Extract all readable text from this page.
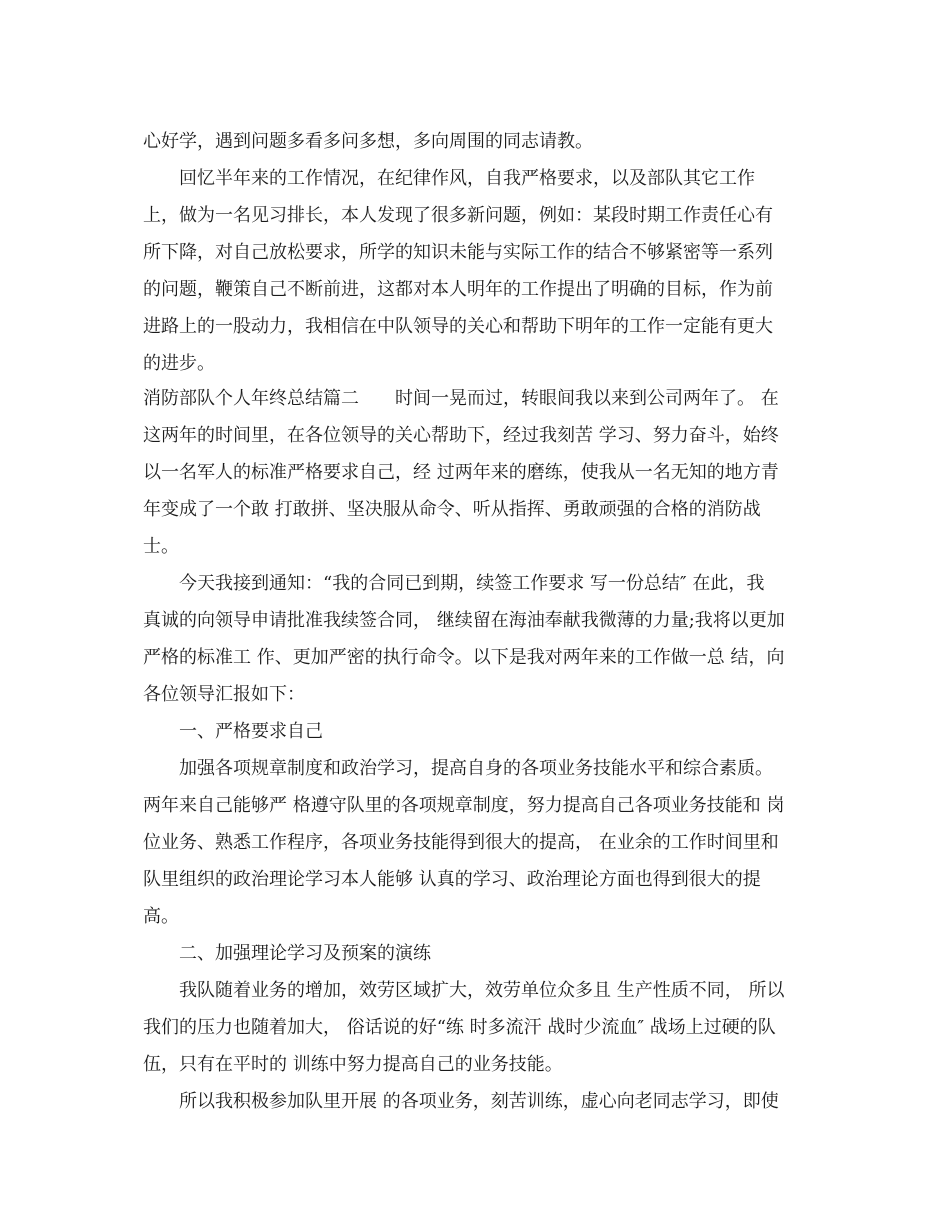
心好学，遇到问题多看多问多想，多向周围的同志请教。
回忆半年来的工作情况，在纪律作风，自我严格要求，以及部队其它工作
上，做为一名见习排长，本人发现了很多新问题，例如：某段时期工作责任心有
所下降，对自己放松要求，所学的知识未能与实际工作的结合不够紧密等一系列
的问题，鞭策自己不断前进，这都对本人明年的工作提出了明确的目标，作为前
进路上的一股动力，我相信在中队领导的关心和帮助下明年的工作一定能有更大
的进步。
消防部队个人年终总结篇二　　时间一晃而过，转眼间我以来到公司两年了。 在
这两年的时间里，在各位领导的关心帮助下，经过我刻苦 学习、努力奋斗，始终
以一名军人的标准严格要求自己，经 过两年来的磨练，使我从一名无知的地方青
年变成了一个敢 打敢拼、坚决服从命令、听从指挥、勇敢顽强的合格的消防战
士。
今天我接到通知：“我的合同已到期，续签工作要求 写一份总结″ 在此，我
真诚的向领导申请批准我续签合同， 继续留在海油奉献我微薄的力量;我将以更加
严格的标准工 作、更加严密的执行命令。以下是我对两年来的工作做一总 结，向
各位领导汇报如下：
一、严格要求自己
加强各项规章制度和政治学习，提高自身的各项业务技能水平和综合素质。
两年来自己能够严 格遵守队里的各项规章制度，努力提高自己各项业务技能和 岗
位业务、熟悉工作程序，各项业务技能得到很大的提高， 在业余的工作时间里和
队里组织的政治理论学习本人能够 认真的学习、政治理论方面也得到很大的提
高。
二、加强理论学习及预案的演练
我队随着业务的增加，效劳区域扩大，效劳单位众多且 生产性质不同， 所以
我们的压力也随着加大， 俗话说的好“练 时多流汗 战时少流血″ 战场上过硬的队
伍，只有在平时的 训练中努力提高自己的业务技能。
所以我积极参加队里开展 的各项业务，刻苦训练，虚心向老同志学习，即使
